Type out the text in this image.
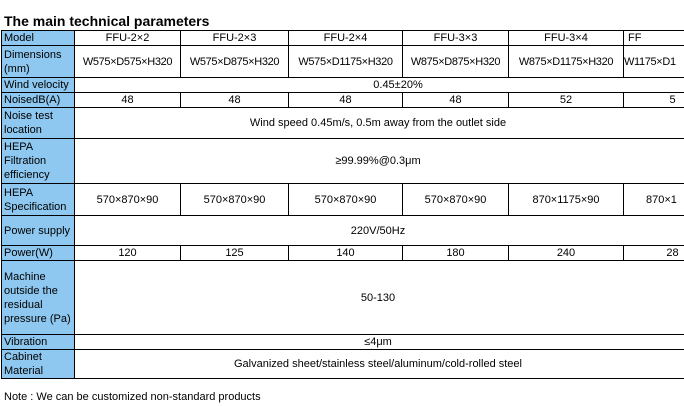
The main technical parameters
Model	FFU-2×2	FFU-2×3	FFU-2×4	FFU-3×3	FFU-3×4	FF
Dimensions (mm)	W575×D575×H320	W575×D875×H320	W575×D1175×H320	W875×D875×H320	W875×D1175×H320	W1175×D1
Wind velocity	0.45±20%					
NoisedB(A)	48	48	48	48	52	5
Noise test location	Wind speed 0.45m/s, 0.5m away from the outlet side					
HEPA Filtration efficiency	≥99.99%@0.3μm					
HEPA Specification	570×870×90	570×870×90	570×870×90	570×870×90	870×1175×90	870×1
Power supply	220V/50Hz					
Power(W)	120	125	140	180	240	28
Machine outside the residual pressure (Pa)	50-130					
Vibration	≤4μm					
Cabinet Material	Galvanized sheet/stainless steel/aluminum/cold-rolled steel					
Note : We can be customized non-standard products
